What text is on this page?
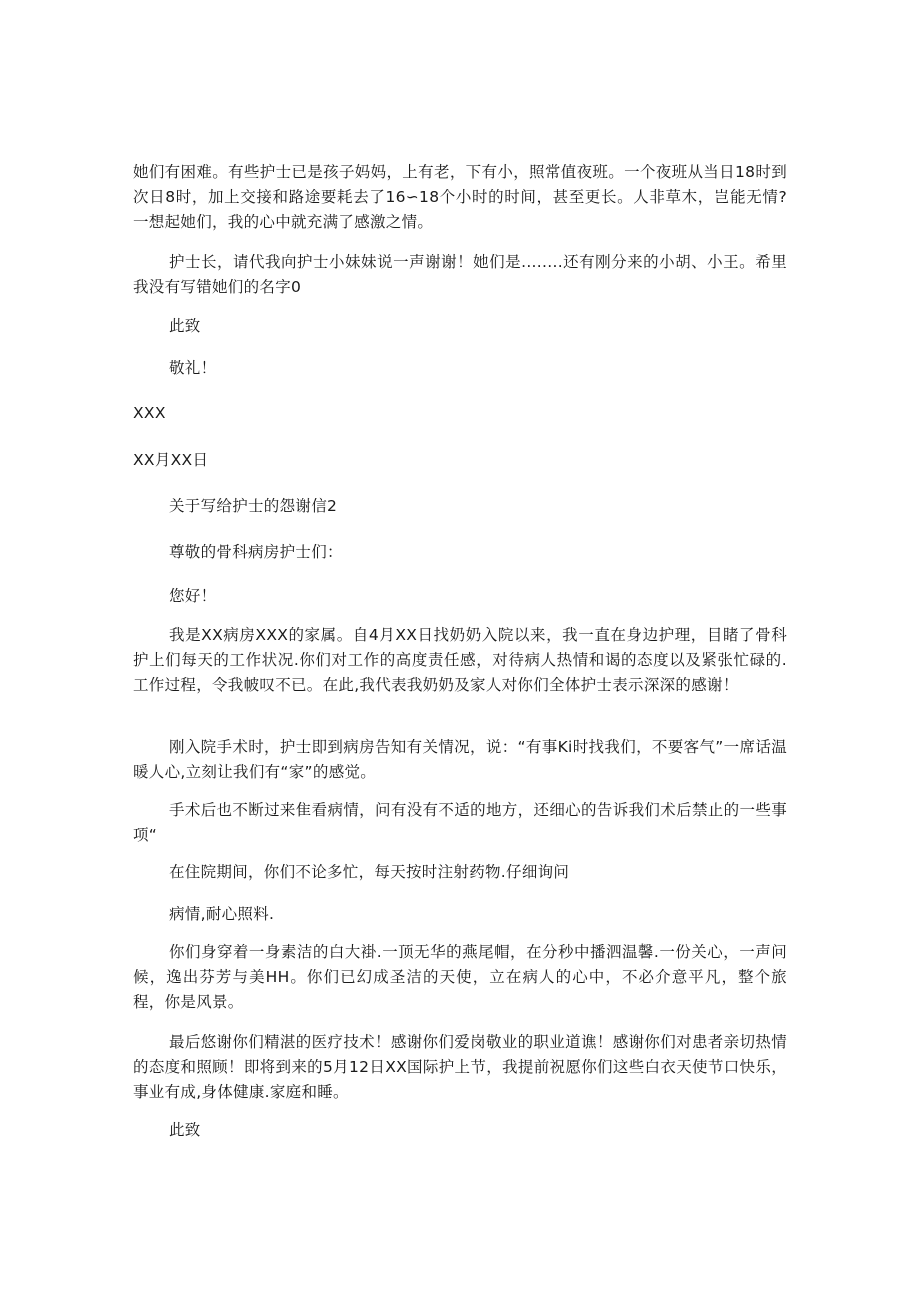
她们有困难。有些护士已是孩子妈妈，上有老，下有小，照常值夜班。一个夜班从当日18时到次日8时，加上交接和路途要耗去了16∽18个小时的时间，甚至更长。人非草木，岂能无情?一想起她们，我的心中就充满了感激之情。

护士长，请代我向护士小妹妹说一声谢谢！她们是........还有刚分来的小胡、小王。希里我没有写错她们的名字0

此致

敬礼！

XXX

XX月XX日

关于写给护士的怨谢信2

尊敬的骨科病房护士们：

您好！

我是XX病房XXX的家属。自4月XX日找奶奶入院以来，我一直在身边护理，目睹了骨科护上们每天的工作状况.你们对工作的高度责任感，对待病人热情和谒的态度以及紧张忙碌的.工作过程，令我帔叹不已。在此,我代表我奶奶及家人对你们全体护士表示深深的感谢！

刚入院手术时，护士即到病房告知有关情况，说：“有事Ki时找我们，不要客气”一席话温暖人心,立刻让我们有“家”的感觉。

手术后也不断过来隹看病情，问有没有不适的地方，还细心的告诉我们术后禁止的一些事项“

在住院期间，你们不论多忙，每天按时注射药物.仔细询问

病情,耐心照料.

你们身穿着一身素洁的白大褂.一顶无华的燕尾帽，在分秒中播泗温馨.一份关心，一声问候，逸出芬芳与美HH。你们已幻成圣洁的天使，立在病人的心中，不必介意平凡，整个旅程，你是风景。

最后悠谢你们精湛的医疗技术！感谢你们爱岗敬业的职业道谯！感谢你们对患者亲切热情的态度和照顾！即将到来的5月12日XX国际护上节，我提前祝愿你们这些白衣天使节口快乐，事业有成,身体健康.家庭和睡。

此致
